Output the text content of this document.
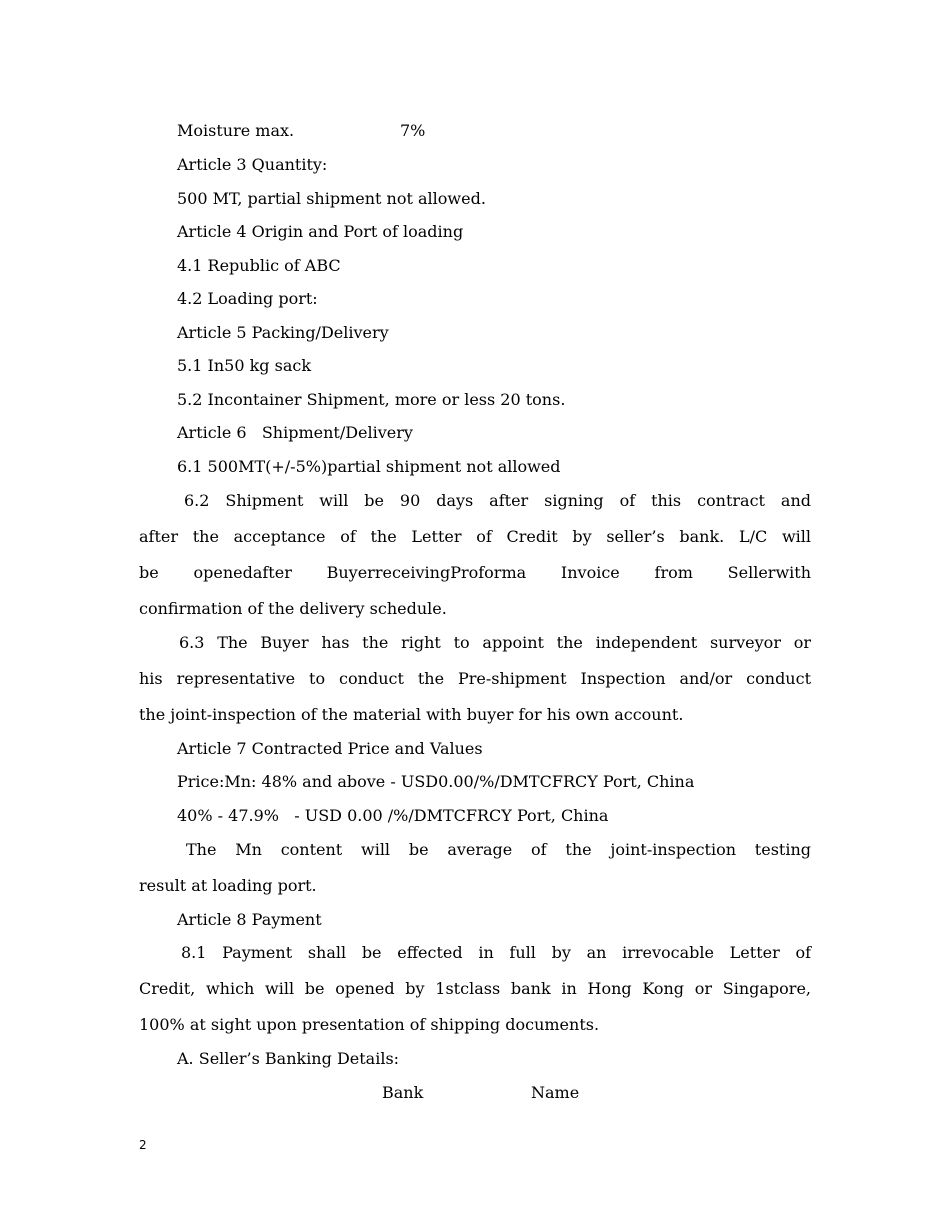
Moisture max.	7%
Article 3 Quantity:
500 MT, partial shipment not allowed.
Article 4 Origin and Port of loading
4.1 Republic of ABC
4.2 Loading port:
Article 5 Packing/Delivery
5.1 In50 kg sack
5.2 Incontainer Shipment, more or less 20 tons.
Article 6   Shipment/Delivery
6.1 500MT(+/-5%)partial shipment not allowed
6.2 Shipment will be 90 days after signing of this contract and
after the acceptance of the Letter of Credit by seller’s bank. L/C will
be openedafter BuyerreceivingProforma Invoice from Sellerwith
confirmation of the delivery schedule.
6.3 The Buyer has the right to appoint the independent surveyor or
his representative to conduct the Pre-shipment Inspection and/or conduct
the joint-inspection of the material with buyer for his own account.
Article 7 Contracted Price and Values
Price:Mn: 48% and above - USD0.00/%/DMTCFRCY Port, China
40% - 47.9%   - USD 0.00 /%/DMTCFRCY Port, China
The Mn content will be average of the joint-inspection testing
result at loading port.
Article 8 Payment
8.1 Payment shall be effected in full by an irrevocable Letter of
Credit, which will be opened by 1stclass bank in Hong Kong or Singapore,
100% at sight upon presentation of shipping documents.
A. Seller’s Banking Details:
Bank	Name
2
